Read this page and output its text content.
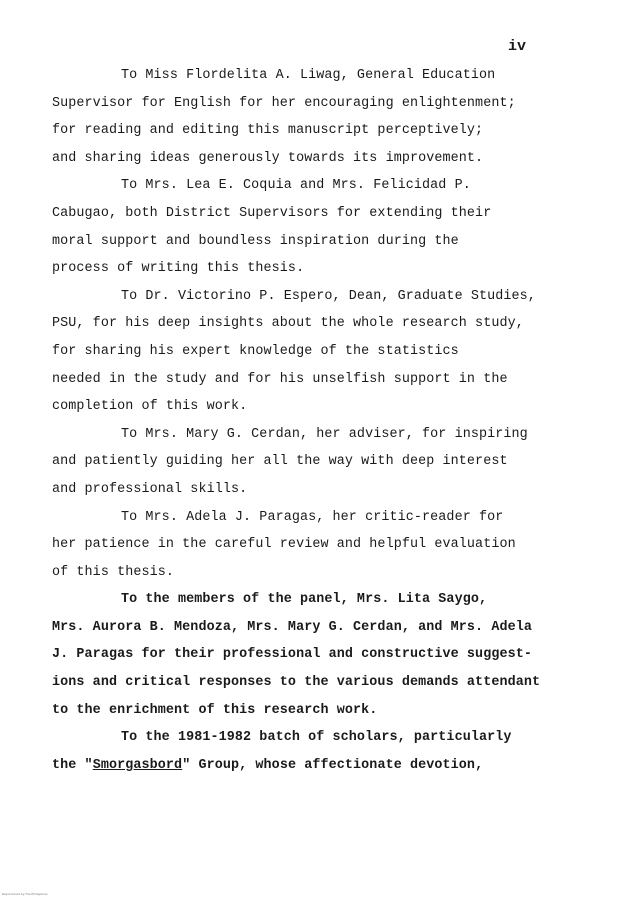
iv

To Miss Flordelita A. Liwag, General Education

Supervisor for English for her encouraging enlightenment;

for reading and editing this manuscript perceptively;

and sharing ideas generously towards its improvement.

To Mrs. Lea E. Coquia and Mrs. Felicidad P.

Cabugao, both District Supervisors for extending their

moral support and boundless inspiration during the

process of writing this thesis.

To Dr. Victorino P. Espero, Dean, Graduate Studies,

PSU, for his deep insights about the whole research study,

for sharing his expert knowledge of the statistics

needed in the study and for his unselfish support in the

completion of this work.

To Mrs. Mary G. Cerdan, her adviser, for inspiring

and patiently guiding her all the way with deep interest

and professional skills.

To Mrs. Adela J. Paragas, her critic-reader for

her patience in the careful review and helpful evaluation

of this thesis.

To the members of the panel, Mrs. Lita Saygo,

Mrs. Aurora B. Mendoza, Mrs. Mary G. Cerdan, and Mrs. Adela

J. Paragas for their professional and constructive suggest-

ions and critical responses to the various demands attendant

to the enrichment of this research work.

To the 1981-1982 batch of scholars, particularly

the "Smorgasbord" Group, whose affectionate devotion,

Reproduced by the Philippines
